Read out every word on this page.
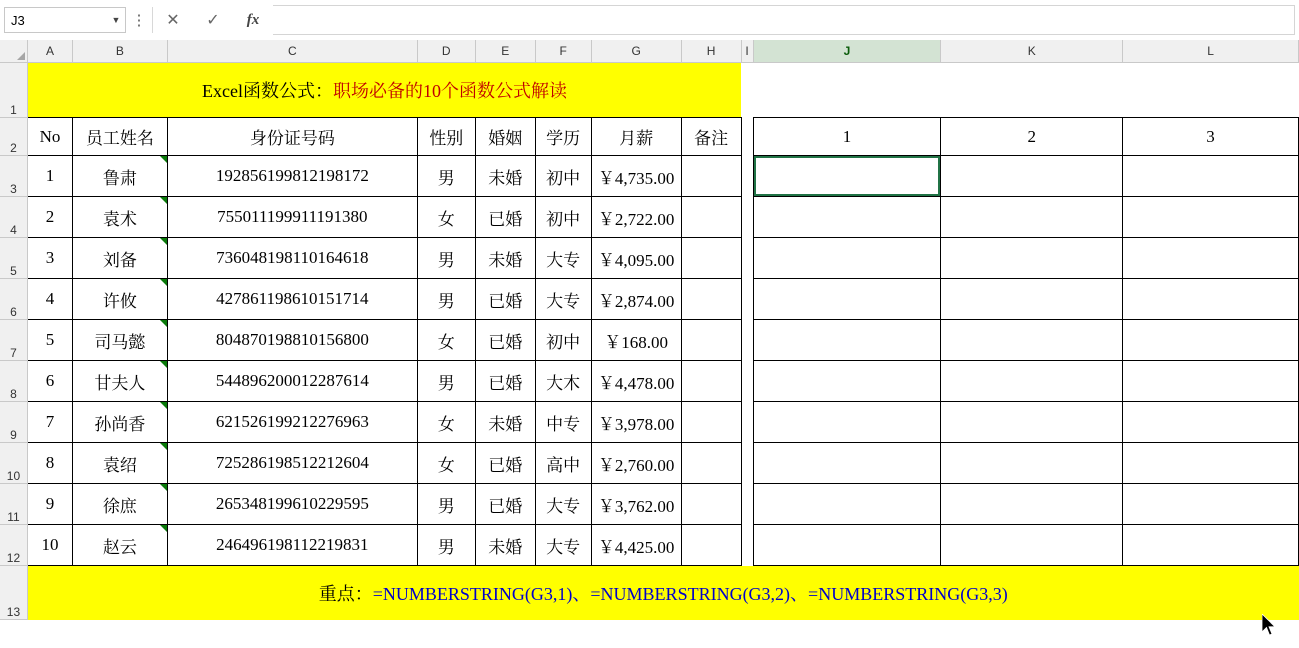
J3	▼ ⋮	✕	✓	fx
	A	B	C	D	E	F	G	H	I	J	K	L
1	Excel函数公式：职场必备的10个函数公式解读											
2	No	员工姓名	身份证号码	性别	婚姻	学历	月薪	备注		1	2	3
3	1	鲁肃	192856199812198172	男	未婚	初中	￥4,735.00					
4	2	袁术	755011199911191380	女	已婚	初中	￥2,722.00					
5	3	刘备	736048198110164618	男	未婚	大专	￥4,095.00					
6	4	许攸	427861198610151714	男	已婚	大专	￥2,874.00					
7	5	司马懿	804870198810156800	女	已婚	初中	￥168.00					
8	6	甘夫人	544896200012287614	男	已婚	大木	￥4,478.00					
9	7	孙尚香	621526199212276963	女	未婚	中专	￥3,978.00					
10	8	袁绍	725286198512212604	女	已婚	高中	￥2,760.00					
11	9	徐庶	265348199610229595	男	已婚	大专	￥3,762.00					
12	10	赵云	246496198112219831	男	未婚	大专	￥4,425.00					
13	重点：=NUMBERSTRING(G3,1)、=NUMBERSTRING(G3,2)、=NUMBERSTRING(G3,3)											
